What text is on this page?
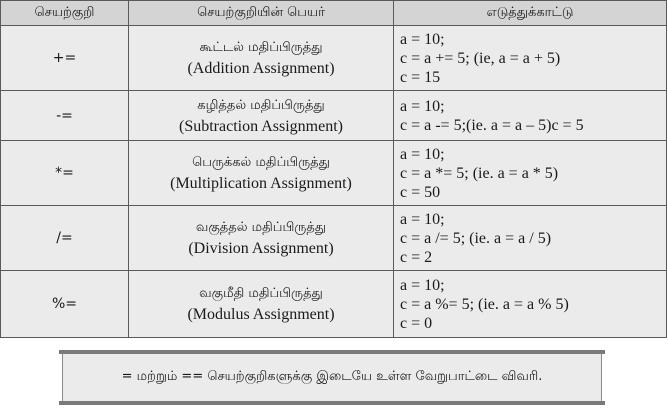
செயற்குறி	செயற்குறியின் பெயர்	எடுத்துக்காட்டு
+=	கூட்டல் மதிப்பிருத்து
(Addition Assignment)	a = 10;
c = a += 5; (ie, a = a + 5)
c = 15

-=	கழித்தல் மதிப்பிருத்து
(Subtraction Assignment)	a = 10;
c = a -= 5;(ie. a = a – 5)c = 5

*=	பெருக்கல் மதிப்பிருத்து
(Multiplication Assignment)	a = 10;
c = a *= 5; (ie. a = a * 5)
c = 50

/=	வகுத்தல் மதிப்பிருத்து
(Division Assignment)	a = 10;
c = a /= 5; (ie. a = a / 5)
c = 2

%=	வகுமீதி மதிப்பிருத்து
(Modulus Assignment)	a = 10;
c = a %= 5; (ie. a = a % 5)
c = 0
= மற்றும் == செயற்குறிகளுக்கு இடையே உள்ள வேறுபாட்டை விவரி.
